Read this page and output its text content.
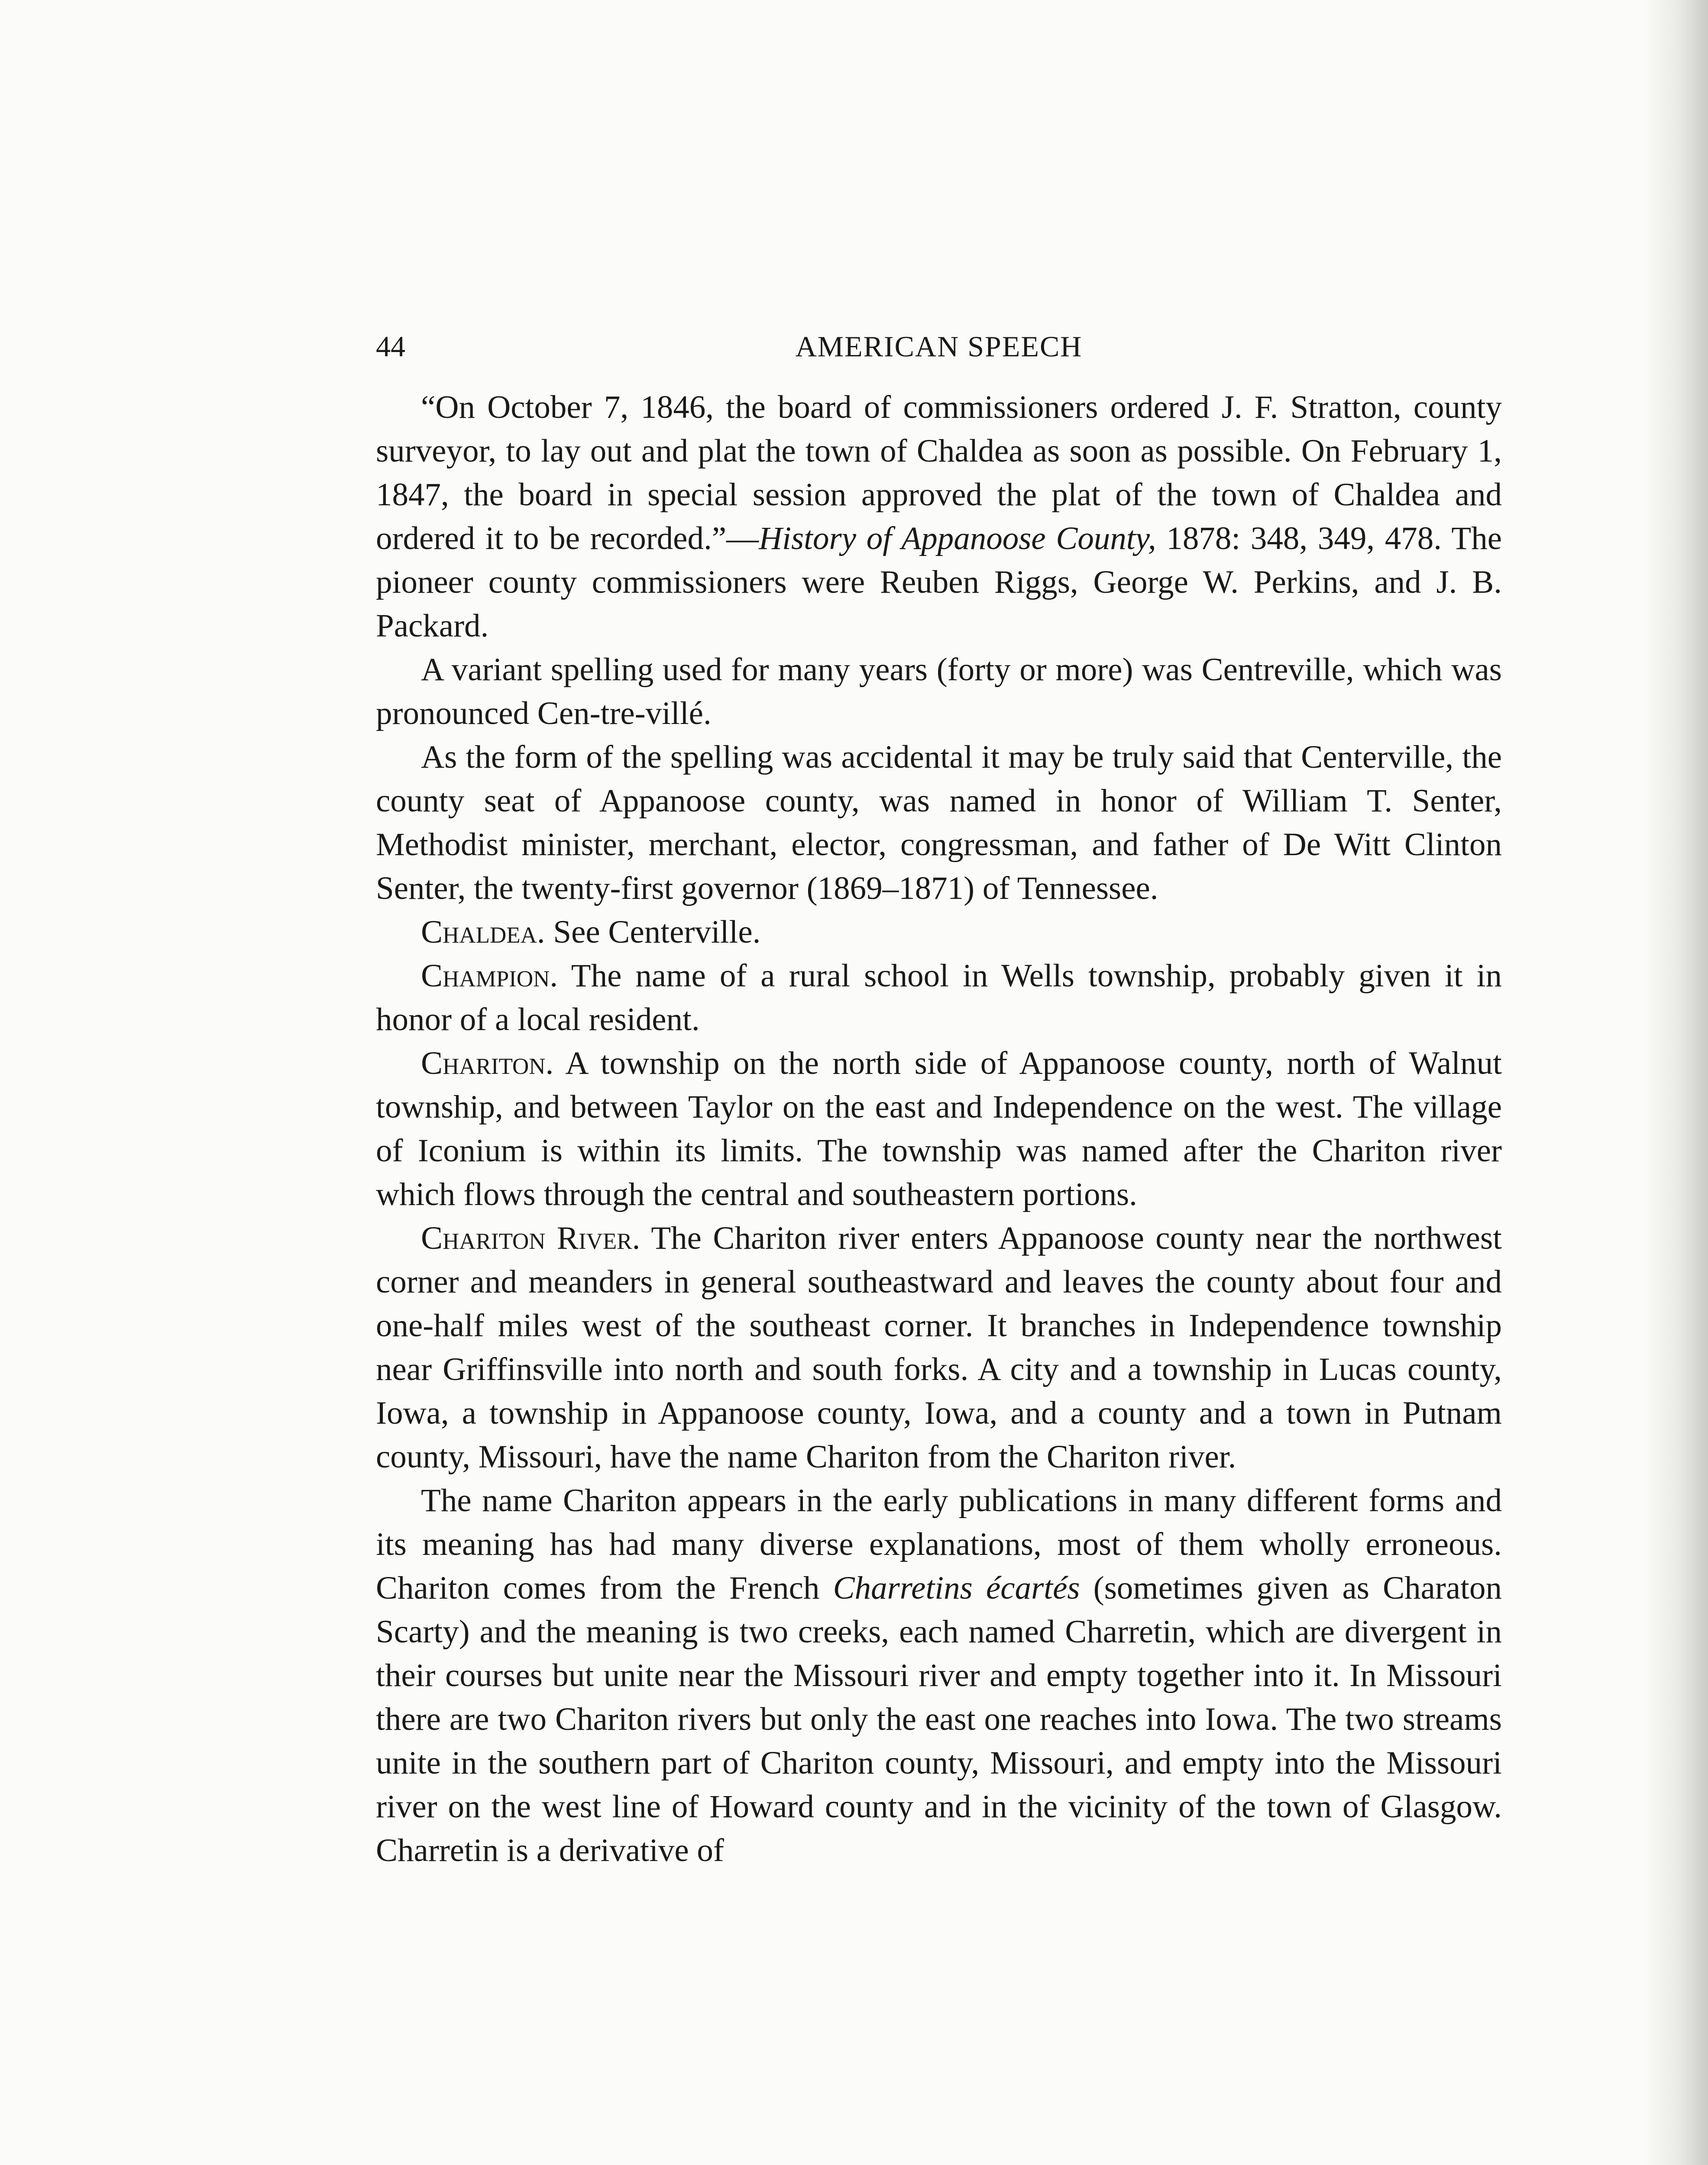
44	AMERICAN SPEECH

“On October 7, 1846, the board of commissioners ordered J. F. Stratton, county surveyor, to lay out and plat the town of Chaldea as soon as possible. On February 1, 1847, the board in special session approved the plat of the town of Chaldea and ordered it to be recorded.”—History of Appanoose County, 1878: 348, 349, 478. The pioneer county commissioners were Reuben Riggs, George W. Perkins, and J. B. Packard.

A variant spelling used for many years (forty or more) was Centreville, which was pronounced Cen-tre-villé.

As the form of the spelling was accidental it may be truly said that Centerville, the county seat of Appanoose county, was named in honor of William T. Senter, Methodist minister, merchant, elector, congressman, and father of De Witt Clinton Senter, the twenty-first governor (1869–1871) of Tennessee.

Chaldea. See Centerville.

Champion. The name of a rural school in Wells township, probably given it in honor of a local resident.

Chariton. A township on the north side of Appanoose county, north of Walnut township, and between Taylor on the east and Independence on the west. The village of Iconium is within its limits. The township was named after the Chariton river which flows through the central and southeastern portions.

Chariton River. The Chariton river enters Appanoose county near the northwest corner and meanders in general southeastward and leaves the county about four and one-half miles west of the southeast corner. It branches in Independence township near Griffinsville into north and south forks. A city and a township in Lucas county, Iowa, a township in Appanoose county, Iowa, and a county and a town in Putnam county, Missouri, have the name Chariton from the Chariton river.

The name Chariton appears in the early publications in many different forms and its meaning has had many diverse explanations, most of them wholly erroneous. Chariton comes from the French Charretins écartés (sometimes given as Charaton Scarty) and the meaning is two creeks, each named Charretin, which are divergent in their courses but unite near the Missouri river and empty together into it. In Missouri there are two Chariton rivers but only the east one reaches into Iowa. The two streams unite in the southern part of Chariton county, Missouri, and empty into the Missouri river on the west line of Howard county and in the vicinity of the town of Glasgow. Charretin is a derivative of
